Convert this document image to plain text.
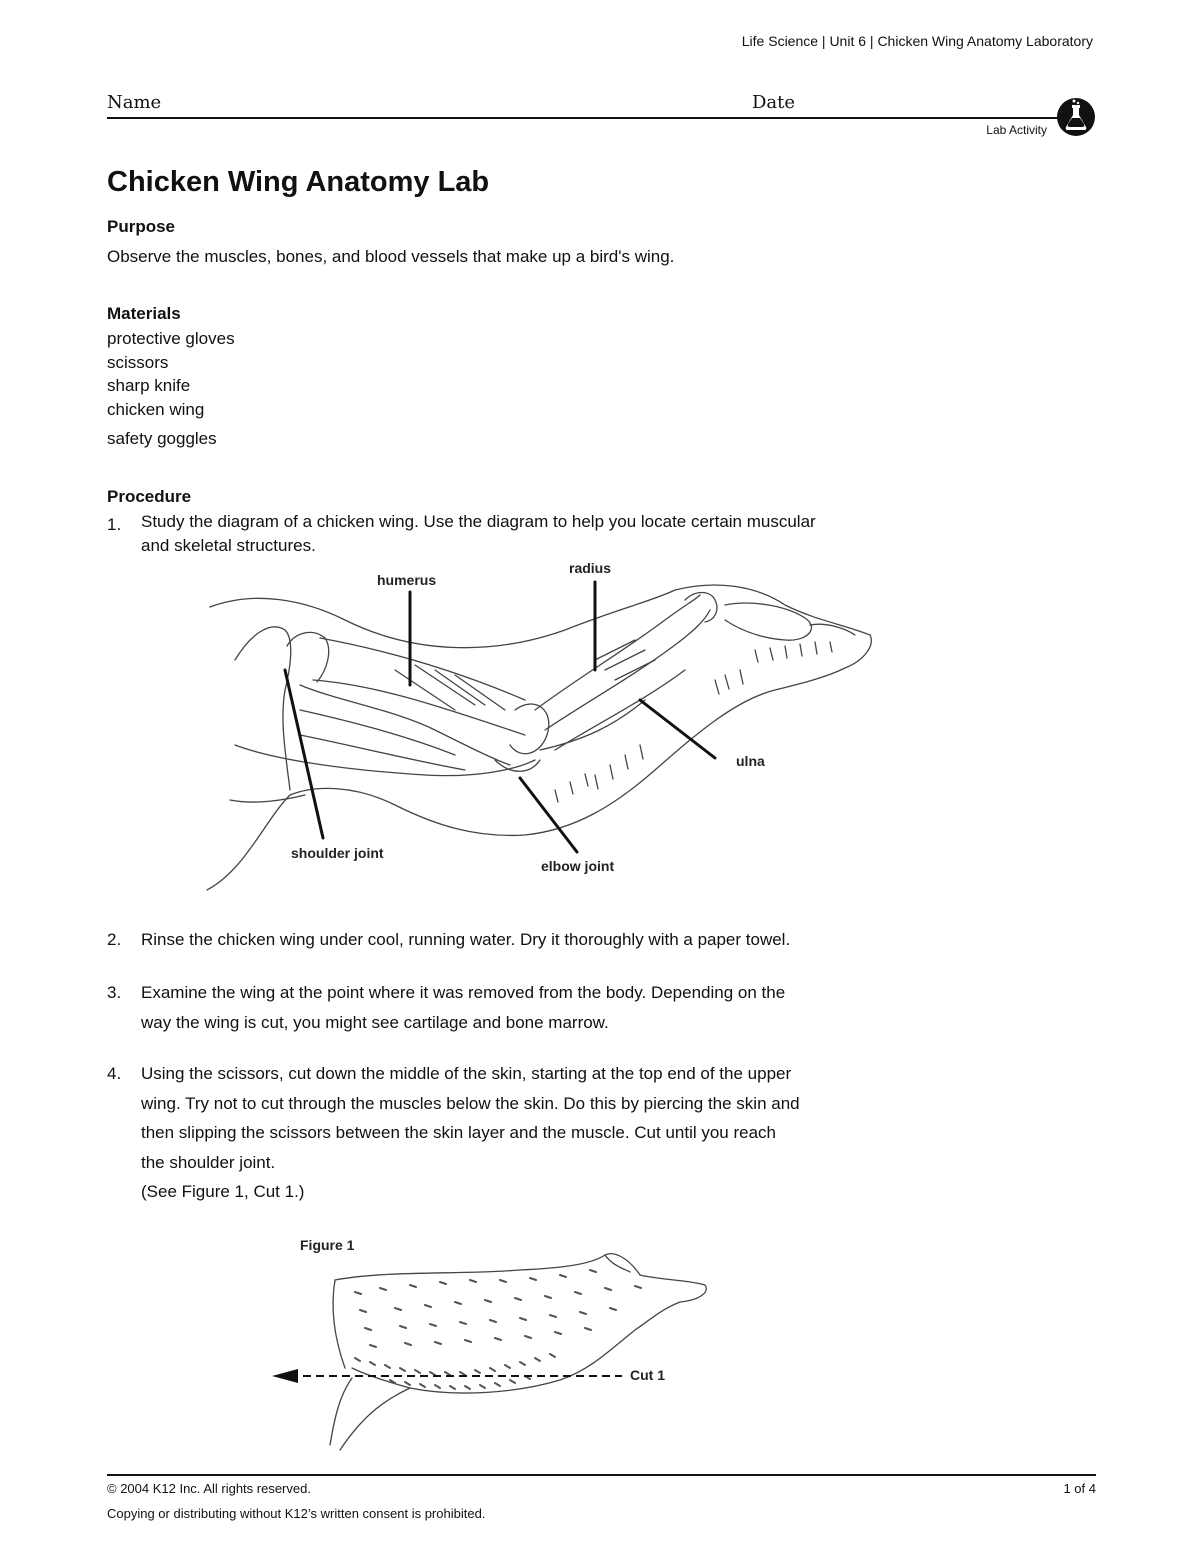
Life Science | Unit 6 | Chicken Wing Anatomy Laboratory
Name	Date
Lab Activity
Chicken Wing Anatomy Lab
Purpose
Observe the muscles, bones, and blood vessels that make up a bird's wing.
Materials
protective gloves
scissors
sharp knife
chicken wing
safety goggles
Procedure
1.	Study the diagram of a chicken wing. Use the diagram to help you locate certain muscular
and skeletal structures.
humerus
radius
ulna
shoulder joint
elbow joint
2.	Rinse the chicken wing under cool, running water. Dry it thoroughly with a paper towel.
3.	Examine the wing at the point where it was removed from the body. Depending on the
way the wing is cut, you might see cartilage and bone marrow.
4.	Using the scissors, cut down the middle of the skin, starting at the top end of the upper
wing. Try not to cut through the muscles below the skin. Do this by piercing the skin and
then slipping the scissors between the skin layer and the muscle. Cut until you reach
the shoulder joint.
(See Figure 1, Cut 1.)
Figure 1
Cut 1
© 2004 K12 Inc. All rights reserved.	1 of 4
Copying or distributing without K12’s written consent is prohibited.
